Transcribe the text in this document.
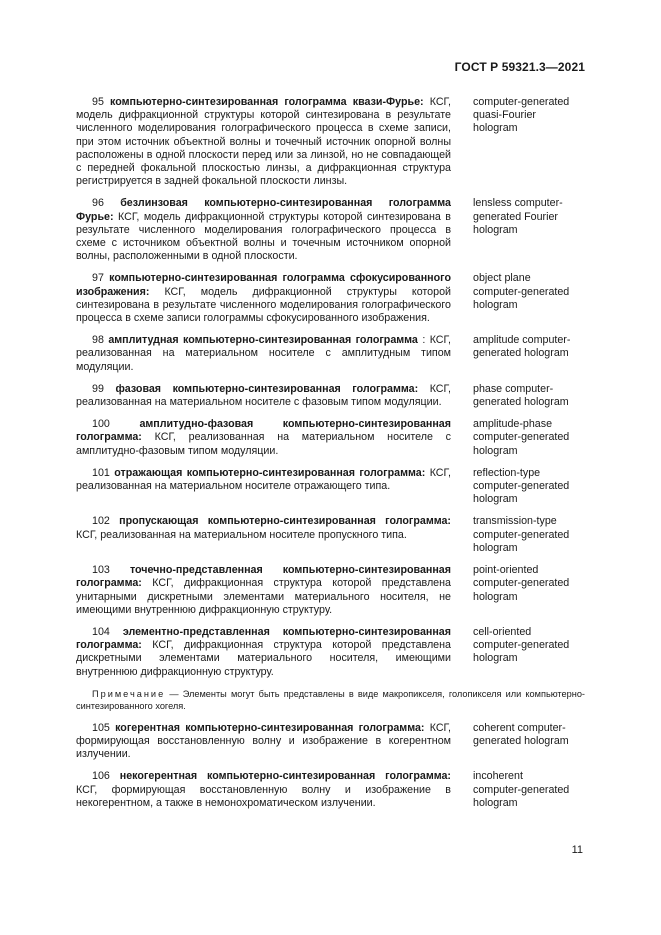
ГОСТ Р 59321.3—2021

95 компьютерно-синтезированная голограмма квази-Фурье: КСГ, модель дифракционной структуры которой синтезирована в результате численного моделирования голографического процесса в схеме записи, при этом источник объектной волны и точечный источник опорной волны расположены в одной плоскости перед или за линзой, но не совпадающей с передней фокальной плоскостью линзы, а дифракционная структура регистрируется в задней фокальной плоскости линзы.

computer-generated
quasi-Fourier
hologram

96 безлинзовая компьютерно-синтезированная голограмма Фурье: КСГ, модель дифракционной структуры которой синтезирована в результате численного моделирования голографического процесса в схеме с источником объектной волны и точечным источником опорной волны, расположенными в одной плоскости.

lensless computer-
generated Fourier
hologram

97 компьютерно-синтезированная голограмма сфокусированного изображения: КСГ, модель дифракционной структуры которой синтезирована в результате численного моделирования голографического процесса в схеме записи голограммы сфокусированного изображения.

object plane
computer-generated
hologram

98 амплитудная компьютерно-синтезированная голограмма : КСГ, реализованная на материальном носителе с амплитудным типом модуляции.

amplitude computer-
generated hologram

99 фазовая компьютерно-синтезированная голограмма: КСГ, реализованная на материальном носителе с фазовым типом модуляции.

phase computer-
generated hologram

100	амплитудно-фазовая компьютерно-синтезированная голограмма: КСГ, реализованная на материальном носителе с амплитудно-фазовым типом модуляции.

amplitude-phase
computer-generated
hologram

101 отражающая компьютерно-синтезированная голограмма: КСГ, реализованная на материальном носителе отражающего типа.

reflection-type
computer-generated
hologram

102 пропускающая компьютерно-синтезированная голограмма: КСГ, реализованная на материальном носителе пропускного типа.

transmission-type
computer-generated
hologram

103 точечно-представленная компьютерно-синтезированная голограмма: КСГ, дифракционная структура которой представлена унитарными дискретными элементами материального носителя, не имеющими внутреннюю дифракционную структуру.

point-oriented
computer-generated
hologram

104 элементно-представленная компьютерно-синтезированная голограмма: КСГ, дифракционная структура которой представлена дискретными элементами материального носителя, имеющими внутреннюю дифракционную структуру.

cell-oriented
computer-generated
hologram

Примечание — Элементы могут быть представлены в виде макропикселя, голопикселя или компьютерно-синтезированного хогеля.

105 когерентная компьютерно-синтезированная голограмма: КСГ, формирующая восстановленную волну и изображение в когерентном излучении.

coherent computer-
generated hologram

106 некогерентная компьютерно-синтезированная голограмма: КСГ, формирующая восстановленную волну и изображение в некогерентном, а также в немонохроматическом излучении.

incoherent
computer-generated
hologram
11
